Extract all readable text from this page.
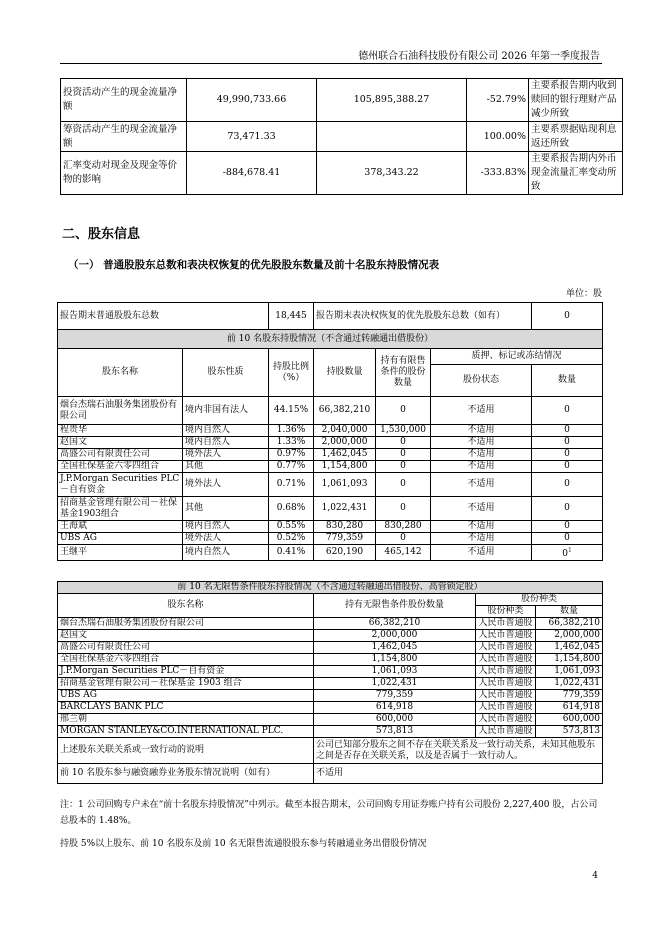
德州联合石油科技股份有限公司 2026 年第一季度报告
投资活动产生的现金流量净额	49,990,733.66	105,895,388.27	-52.79%	主要系报告期内收到赎回的银行理财产品减少所致
筹资活动产生的现金流量净额	73,471.33		100.00%	主要系票据贴现利息返还所致
汇率变动对现金及现金等价物的影响	-884,678.41	378,343.22	-333.83%	主要系报告期内外币现金流量汇率变动所致
二、股东信息
（一） 普通股股东总数和表决权恢复的优先股股东数量及前十名股东持股情况表
单位：股
报告期末普通股股东总数		18,445	报告期末表决权恢复的优先股股东总数（如有）			0
前 10 名股东持股情况（不含通过转融通出借股份）						
股东名称	股东性质	持股比例（%）	持股数量	持有有限售条件的股份数量	质押、标记或冻结情况	
					股份状态	数量
烟台杰瑞石油服务集团股份有限公司	境内非国有法人	44.15%	66,382,210	0	不适用	0
程贵华	境内自然人	1.36%	2,040,000	1,530,000	不适用	0
赵国文	境内自然人	1.33%	2,000,000	0	不适用	0
高盛公司有限责任公司	境外法人	0.97%	1,462,045	0	不适用	0
全国社保基金六零四组合	其他	0.77%	1,154,800	0	不适用	0
J.P.Morgan Securities PLC－自有资金	境外法人	0.71%	1,061,093	0	不适用	0
招商基金管理有限公司－社保基金1903组合	其他	0.68%	1,022,431	0	不适用	0
王海斌	境内自然人	0.55%	830,280	830,280	不适用	0
UBS AG	境外法人	0.52%	779,359	0	不适用	0
王继平	境内自然人	0.41%	620,190	465,142	不适用	$0^1$
前 10 名无限售条件股东持股情况（不含通过转融通出借股份、高管锁定股）			
股东名称	持有无限售条件股份数量	股份种类	
		股份种类	数量
烟台杰瑞石油服务集团股份有限公司	66,382,210	人民币普通股	66,382,210
赵国文	2,000,000	人民币普通股	2,000,000
高盛公司有限责任公司	1,462,045	人民币普通股	1,462,045
全国社保基金六零四组合	1,154,800	人民币普通股	1,154,800
J.P.Morgan Securities PLC－自有资金	1,061,093	人民币普通股	1,061,093
招商基金管理有限公司－社保基金 1903 组合	1,022,431	人民币普通股	1,022,431
UBS AG	779,359	人民币普通股	779,359
BARCLAYS BANK PLC	614,918	人民币普通股	614,918
邢兰朝	600,000	人民币普通股	600,000
MORGAN STANLEY&CO.INTERNATIONAL PLC.	573,813	人民币普通股	573,813
上述股东关联关系或一致行动的说明	公司已知部分股东之间不存在关联关系及一致行动关系，未知其他股东之间是否存在关联关系，以及是否属于一致行动人。		
前 10 名股东参与融资融券业务股东情况说明（如有）	不适用		
注：1 公司回购专户未在“前十名股东持股情况”中列示。截至本报告期末，公司回购专用证券账户持有公司股份 2,227,400 股，占公司总股本的 1.48%。
持股 5%以上股东、前 10 名股东及前 10 名无限售流通股股东参与转融通业务出借股份情况
4
